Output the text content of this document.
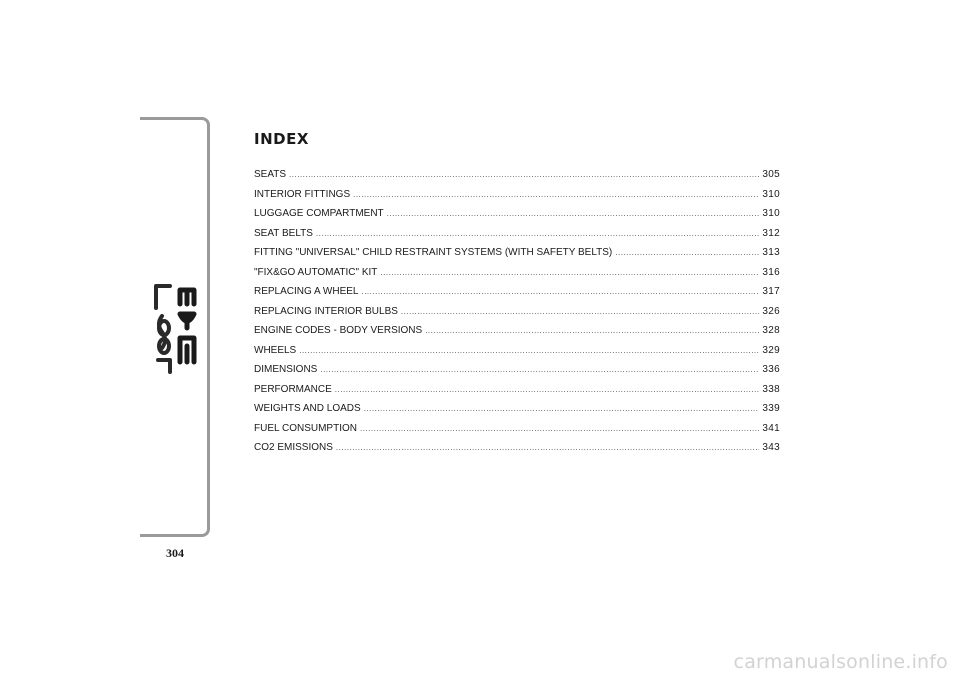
304
INDEX
SEATS .....	305
INTERIOR FITTINGS .....	310
LUGGAGE COMPARTMENT .....	310
SEAT BELTS .....	312
FITTING "UNIVERSAL" CHILD RESTRAINT SYSTEMS (WITH SAFETY BELTS) .....	313
"FIX&GO AUTOMATIC" KIT .....	316
REPLACING A WHEEL .....	317
REPLACING INTERIOR BULBS .....	326
ENGINE CODES - BODY VERSIONS .....	328
WHEELS .....	329
DIMENSIONS .....	336
PERFORMANCE .....	338
WEIGHTS AND LOADS .....	339
FUEL CONSUMPTION .....	341
CO2 EMISSIONS .....	343
carmanualsonline.info
